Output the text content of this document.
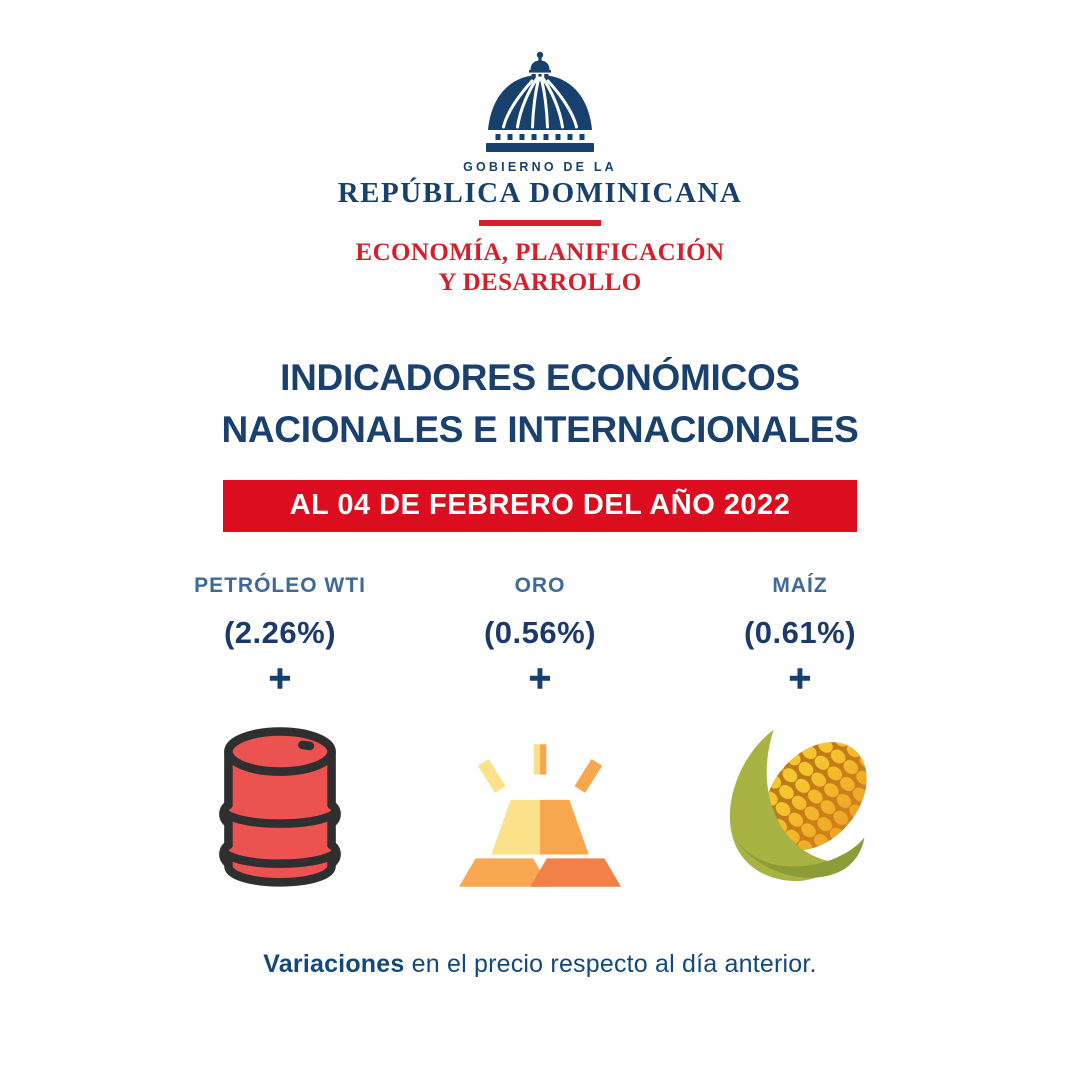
GOBIERNO DE LA
REPÚBLICA DOMINICANA
ECONOMÍA, PLANIFICACIÓN
Y DESARROLLO
INDICADORES ECONÓMICOS
NACIONALES E INTERNACIONALES
AL 04 DE FEBRERO DEL AÑO 2022
PETRÓLEO WTI
(2.26%)
+
ORO
(0.56%)
+
MAÍZ
(0.61%)
+
Variaciones en el precio respecto al día anterior.
